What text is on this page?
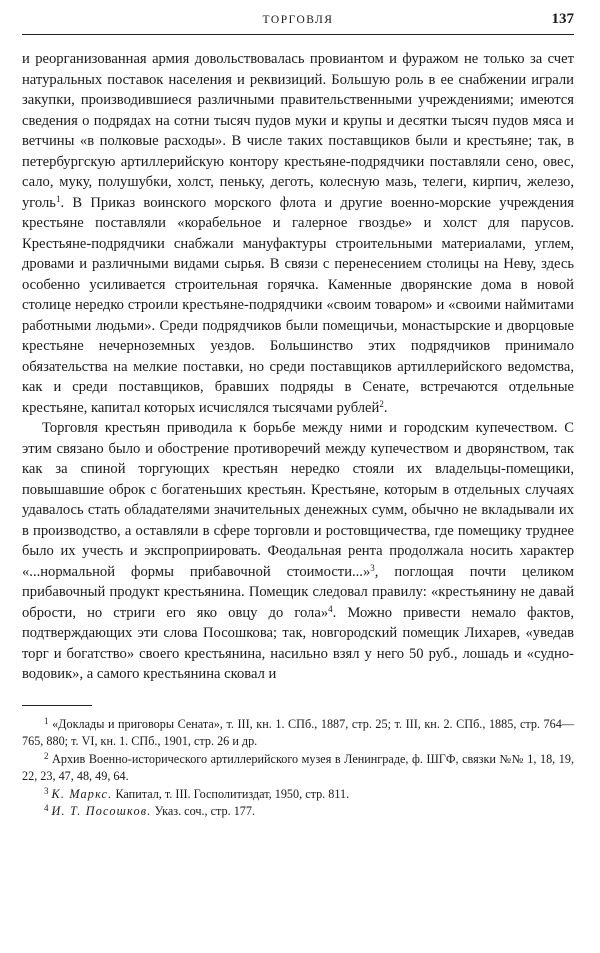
ТОРГОВЛЯ	137

и реорганизованная армия довольствовалась провиантом и фуражом не только за счет натуральных поставок населения и реквизиций. Большую роль в ее снабжении играли закупки, производившиеся различными правительственными учреждениями; имеются сведения о подрядах на сотни тысяч пудов муки и крупы и десятки тысяч пудов мяса и ветчины «в полковые расходы». В числе таких поставщиков были и крестьяне; так, в петербургскую артиллерийскую контору крестьяне-подрядчики поставляли сено, овес, сало, муку, полушубки, холст, пеньку, деготь, колесную мазь, телеги, кирпич, железо, уголь$^1$. В Приказ воинского морского флота и другие военно-морские учреждения крестьяне поставляли «корабельное и галерное гвоздье» и холст для парусов. Крестьяне-подрядчики снабжали мануфактуры строительными материалами, углем, дровами и различными видами сырья. В связи с перенесением столицы на Неву, здесь особенно усиливается строительная горячка. Каменные дворянские дома в новой столице нередко строили крестьяне-подрядчики «своим товаром» и «своими наймитами работными людьми». Среди подрядчиков были помещичьи, монастырские и дворцовые крестьяне нечерноземных уездов. Большинство этих подрядчиков принимало обязательства на мелкие поставки, но среди поставщиков артиллерийского ведомства, как и среди поставщиков, бравших подряды в Сенате, встречаются отдельные крестьяне, капитал которых исчислялся тысячами рублей$^2$.

Торговля крестьян приводила к борьбе между ними и городским купечеством. С этим связано было и обострение противоречий между купечеством и дворянством, так как за спиной торгующих крестьян нередко стояли их владельцы-помещики, повышавшие оброк с богатеньших крестьян. Крестьяне, которым в отдельных случаях удавалось стать обладателями значительных денежных сумм, обычно не вкладывали их в производство, а оставляли в сфере торговли и ростовщичества, где помещику труднее было их учесть и экспроприировать. Феодальная рента продолжала носить характер «...нормальной формы прибавочной стоимости...»$^3$, поглощая почти целиком прибавочный продукт крестьянина. Помещик следовал правилу: «крестьянину не давай обрости, но стриги его яко овцу до гола»$^4$. Можно привести немало фактов, подтверждающих эти слова Посошкова; так, новгородский помещик Лихарев, «уведав торг и богатство» своего крестьянина, насильно взял у него 50 руб., лошадь и «судно-водовик», а самого крестьянина сковал и

$^1$ «Доклады и приговоры Сената», т. III, кн. 1. СПб., 1887, стр. 25; т. III, кн. 2. СПб., 1885, стр. 764—765, 880; т. VI, кн. 1. СПб., 1901, стр. 26 и др.

$^2$ Архив Военно-исторического артиллерийского музея в Ленинграде, ф. ШГФ, связки №№ 1, 18, 19, 22, 23, 47, 48, 49, 64.

$^3$ К. Маркс. Капитал, т. III. Госполитиздат, 1950, стр. 811.

$^4$ И. Т. Посошков. Указ. соч., стр. 177.
